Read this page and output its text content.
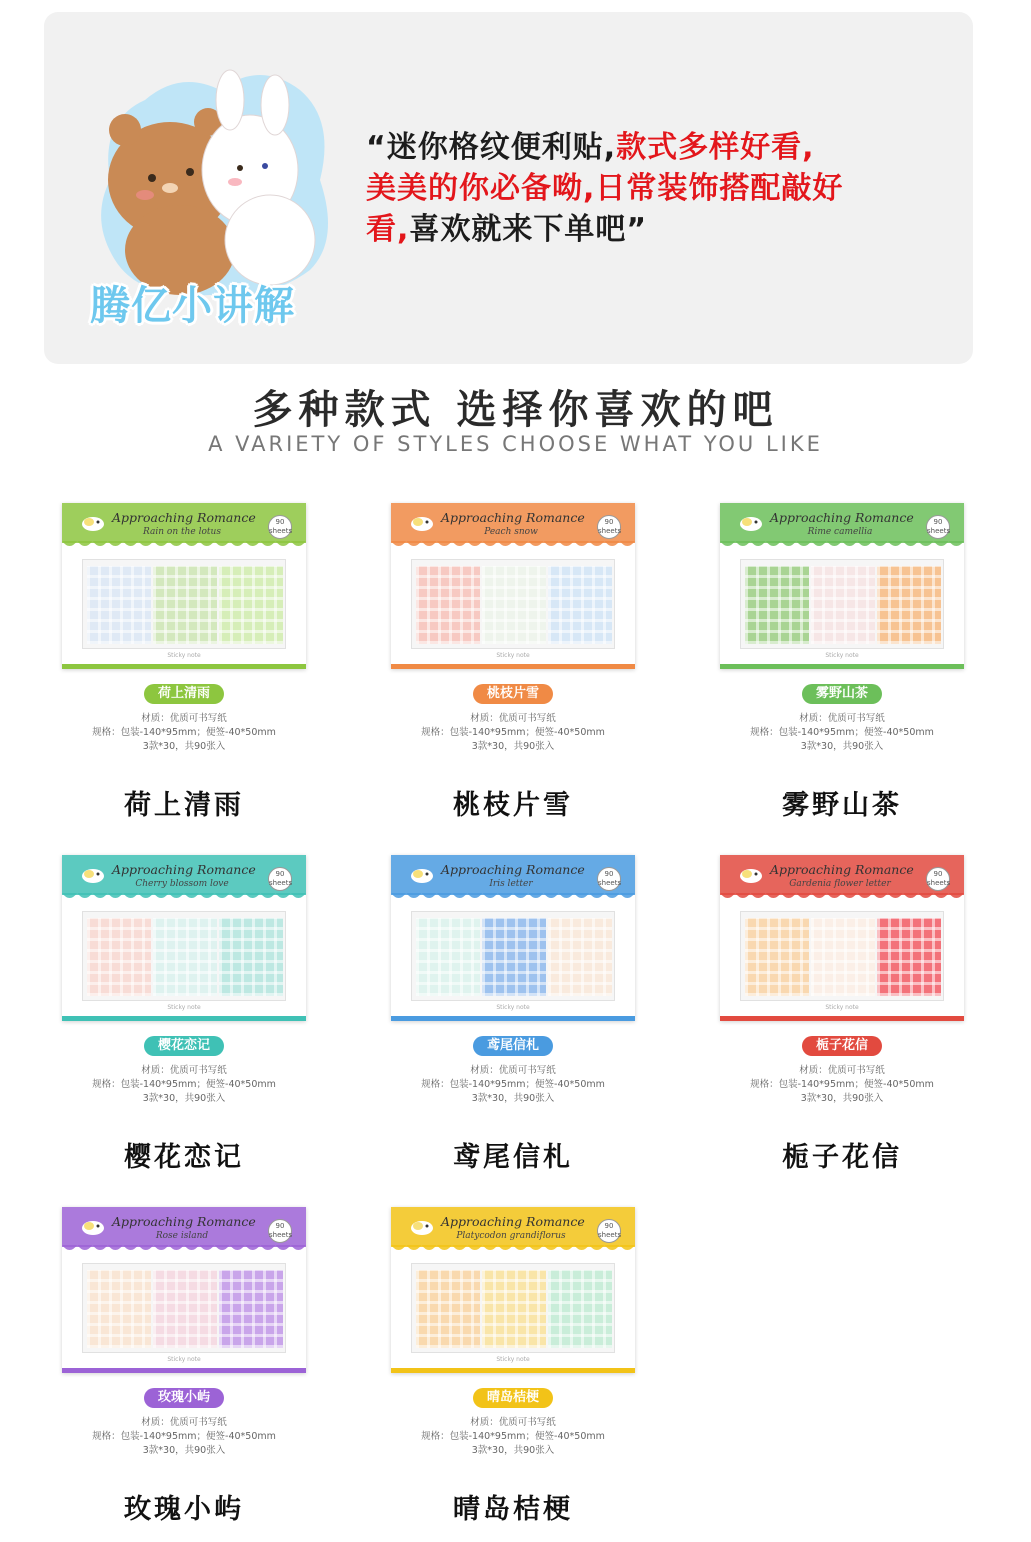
腾亿小讲解
“迷你格纹便利贴,款式多样好看,
美美的你必备呦,日常装饰搭配敲好
看,喜欢就来下单吧”
多种款式 选择你喜欢的吧
A VARIETY OF STYLES CHOOSE WHAT YOU LIKE
Approaching Romance
Rain on the lotus
90
sheets
Sticky note
荷上清雨
材质：优质可书写纸
规格：包装-140*95mm；便签-40*50mm
3款*30，共90张入
荷上清雨
Approaching Romance
Peach snow
90
sheets
Sticky note
桃枝片雪
材质：优质可书写纸
规格：包装-140*95mm；便签-40*50mm
3款*30，共90张入
桃枝片雪
Approaching Romance
Rime camellia
90
sheets
Sticky note
雾野山茶
材质：优质可书写纸
规格：包装-140*95mm；便签-40*50mm
3款*30，共90张入
雾野山茶
Approaching Romance
Cherry blossom love
90
sheets
Sticky note
樱花恋记
材质：优质可书写纸
规格：包装-140*95mm；便签-40*50mm
3款*30，共90张入
樱花恋记
Approaching Romance
Iris letter
90
sheets
Sticky note
鸢尾信札
材质：优质可书写纸
规格：包装-140*95mm；便签-40*50mm
3款*30，共90张入
鸢尾信札
Approaching Romance
Gardenia flower letter
90
sheets
Sticky note
栀子花信
材质：优质可书写纸
规格：包装-140*95mm；便签-40*50mm
3款*30，共90张入
栀子花信
Approaching Romance
Rose island
90
sheets
Sticky note
玫瑰小屿
材质：优质可书写纸
规格：包装-140*95mm；便签-40*50mm
3款*30，共90张入
玫瑰小屿
Approaching Romance
Platycodon grandiflorus
90
sheets
Sticky note
晴岛桔梗
材质：优质可书写纸
规格：包装-140*95mm；便签-40*50mm
3款*30，共90张入
晴岛桔梗
